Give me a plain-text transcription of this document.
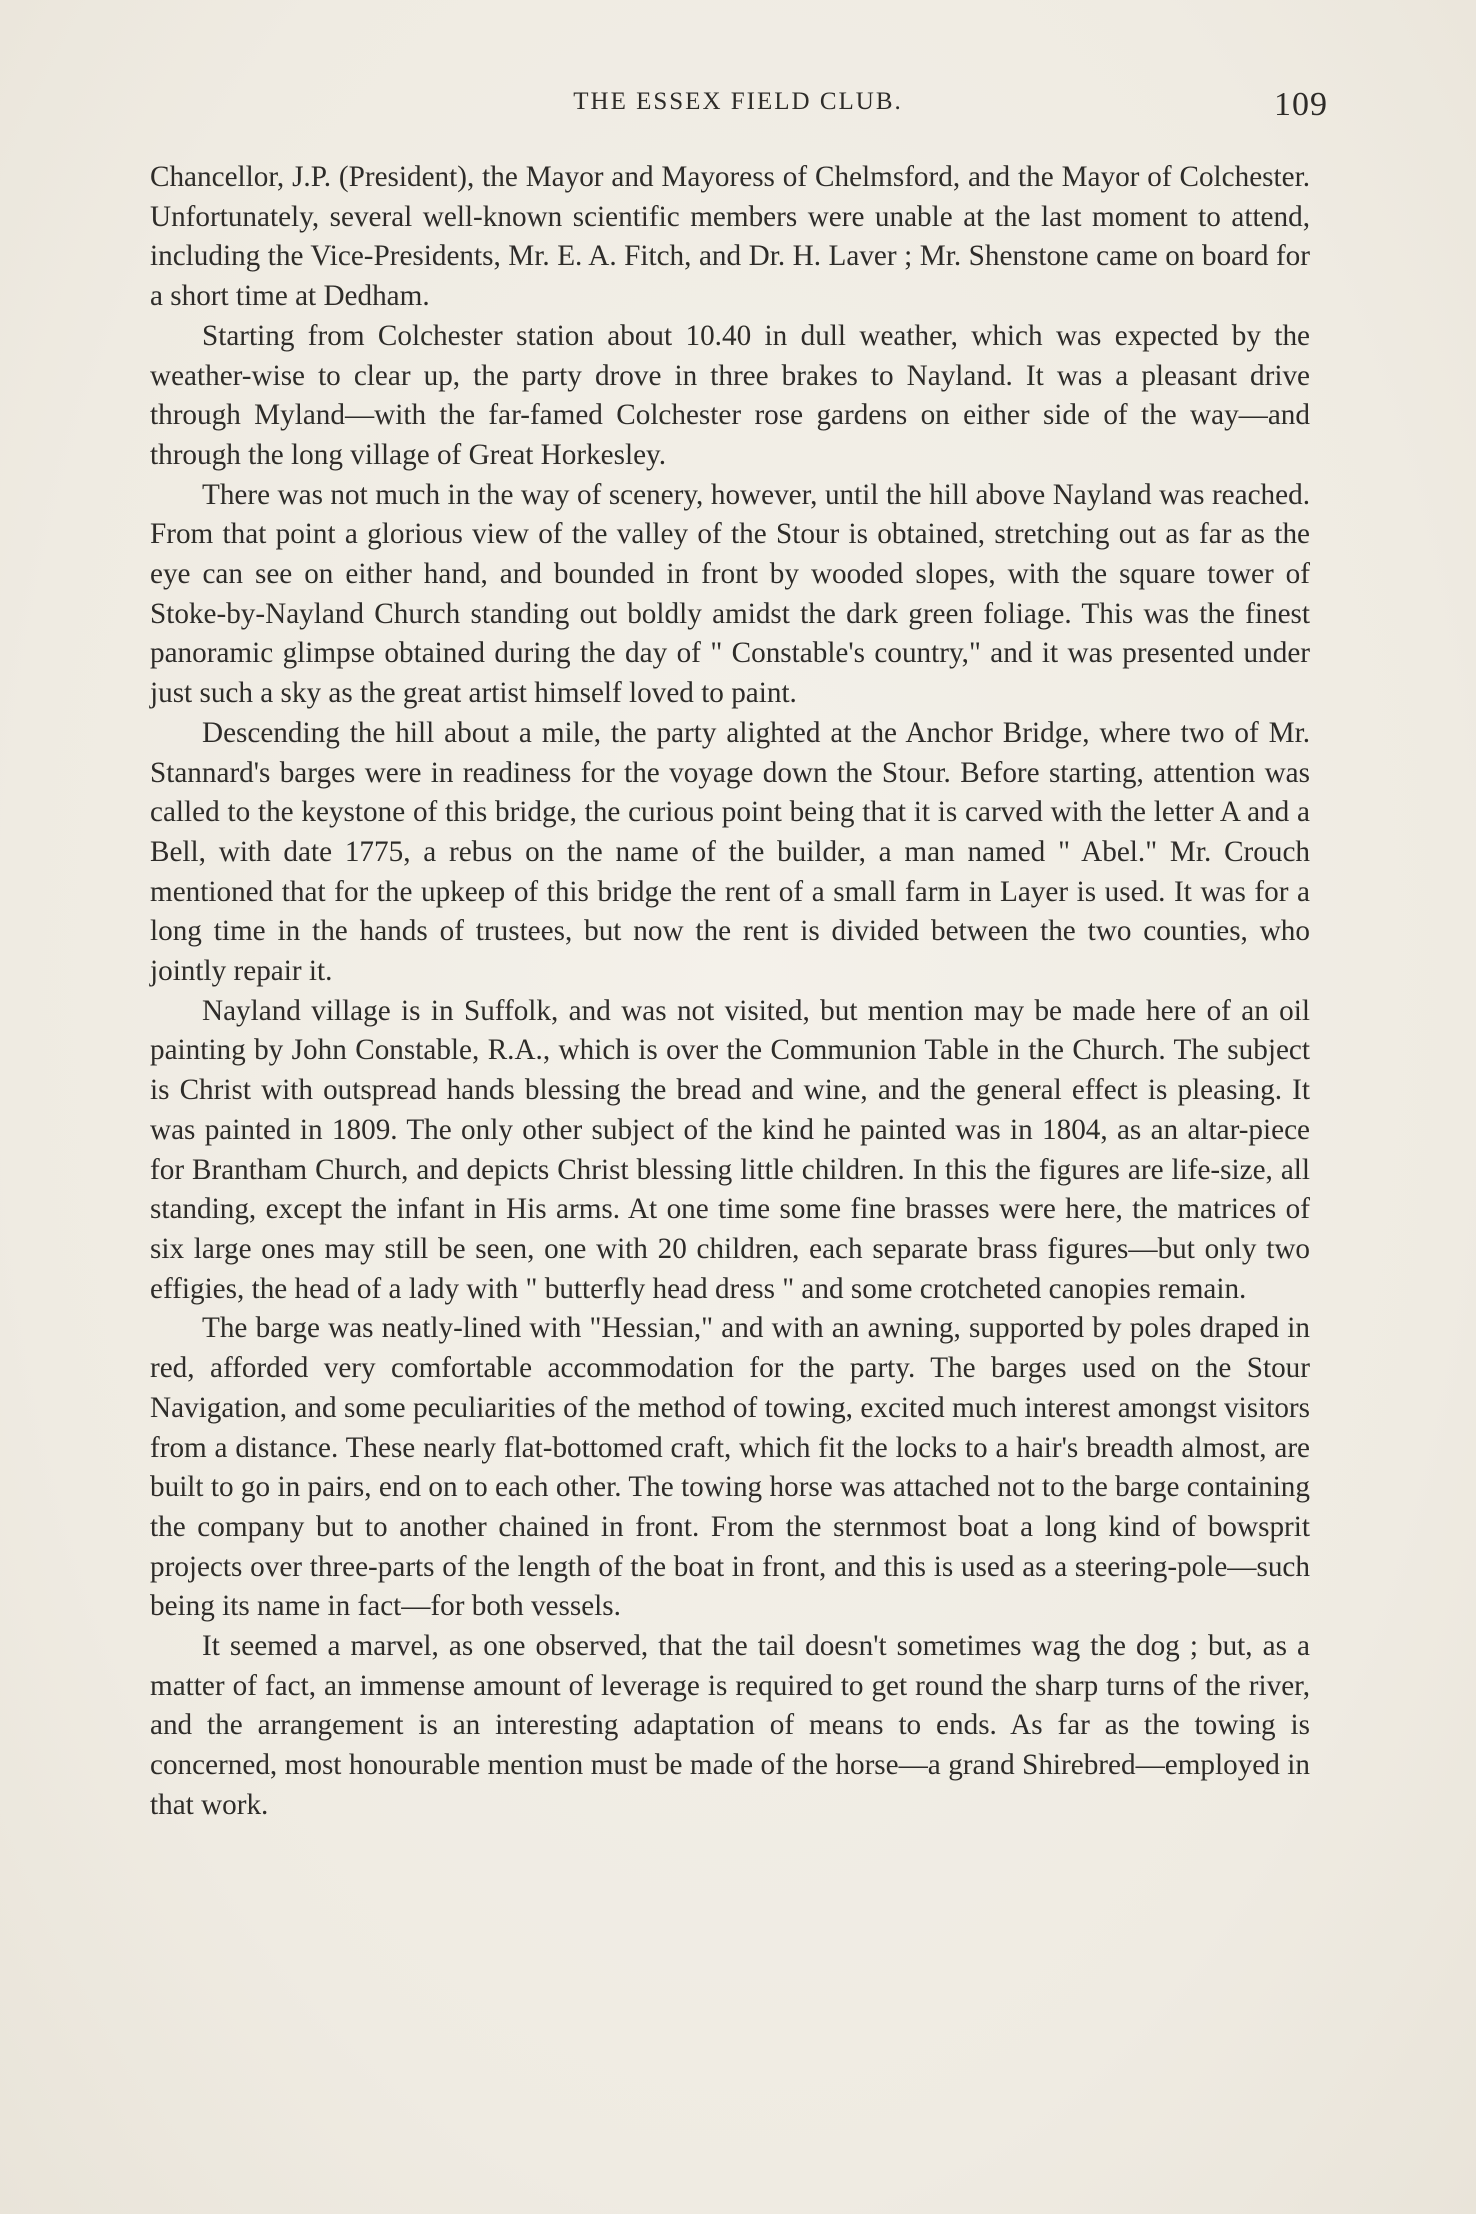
THE ESSEX FIELD CLUB.	109

Chancellor, J.P. (President), the Mayor and Mayoress of Chelmsford, and the Mayor of Colchester. Unfortunately, several well-known scientific members were unable at the last moment to attend, including the Vice-Presidents, Mr. E. A. Fitch, and Dr. H. Laver ; Mr. Shenstone came on board for a short time at Dedham.

Starting from Colchester station about 10.40 in dull weather, which was expected by the weather-wise to clear up, the party drove in three brakes to Nayland. It was a pleasant drive through Myland—with the far-famed Colchester rose gardens on either side of the way—and through the long village of Great Horkesley.

There was not much in the way of scenery, however, until the hill above Nayland was reached. From that point a glorious view of the valley of the Stour is obtained, stretching out as far as the eye can see on either hand, and bounded in front by wooded slopes, with the square tower of Stoke-by-Nayland Church standing out boldly amidst the dark green foliage. This was the finest panoramic glimpse obtained during the day of " Constable's country," and it was presented under just such a sky as the great artist himself loved to paint.

Descending the hill about a mile, the party alighted at the Anchor Bridge, where two of Mr. Stannard's barges were in readiness for the voyage down the Stour. Before starting, attention was called to the keystone of this bridge, the curious point being that it is carved with the letter A and a Bell, with date 1775, a rebus on the name of the builder, a man named " Abel." Mr. Crouch mentioned that for the upkeep of this bridge the rent of a small farm in Layer is used. It was for a long time in the hands of trustees, but now the rent is divided between the two counties, who jointly repair it.

Nayland village is in Suffolk, and was not visited, but mention may be made here of an oil painting by John Constable, R.A., which is over the Communion Table in the Church. The subject is Christ with outspread hands blessing the bread and wine, and the general effect is pleasing. It was painted in 1809. The only other subject of the kind he painted was in 1804, as an altar-piece for Brantham Church, and depicts Christ blessing little children. In this the figures are life-size, all standing, except the infant in His arms. At one time some fine brasses were here, the matrices of six large ones may still be seen, one with 20 children, each separate brass figures—but only two effigies, the head of a lady with " butterfly head dress " and some crotcheted canopies remain.

The barge was neatly-lined with "Hessian," and with an awning, supported by poles draped in red, afforded very comfortable accommodation for the party. The barges used on the Stour Navigation, and some peculiarities of the method of towing, excited much interest amongst visitors from a distance. These nearly flat-bottomed craft, which fit the locks to a hair's breadth almost, are built to go in pairs, end on to each other. The towing horse was attached not to the barge containing the company but to another chained in front. From the sternmost boat a long kind of bowsprit projects over three-parts of the length of the boat in front, and this is used as a steering-pole—such being its name in fact—for both vessels.

It seemed a marvel, as one observed, that the tail doesn't sometimes wag the dog ; but, as a matter of fact, an immense amount of leverage is required to get round the sharp turns of the river, and the arrangement is an interesting adaptation of means to ends. As far as the towing is concerned, most honourable mention must be made of the horse—a grand Shirebred—employed in that work.
